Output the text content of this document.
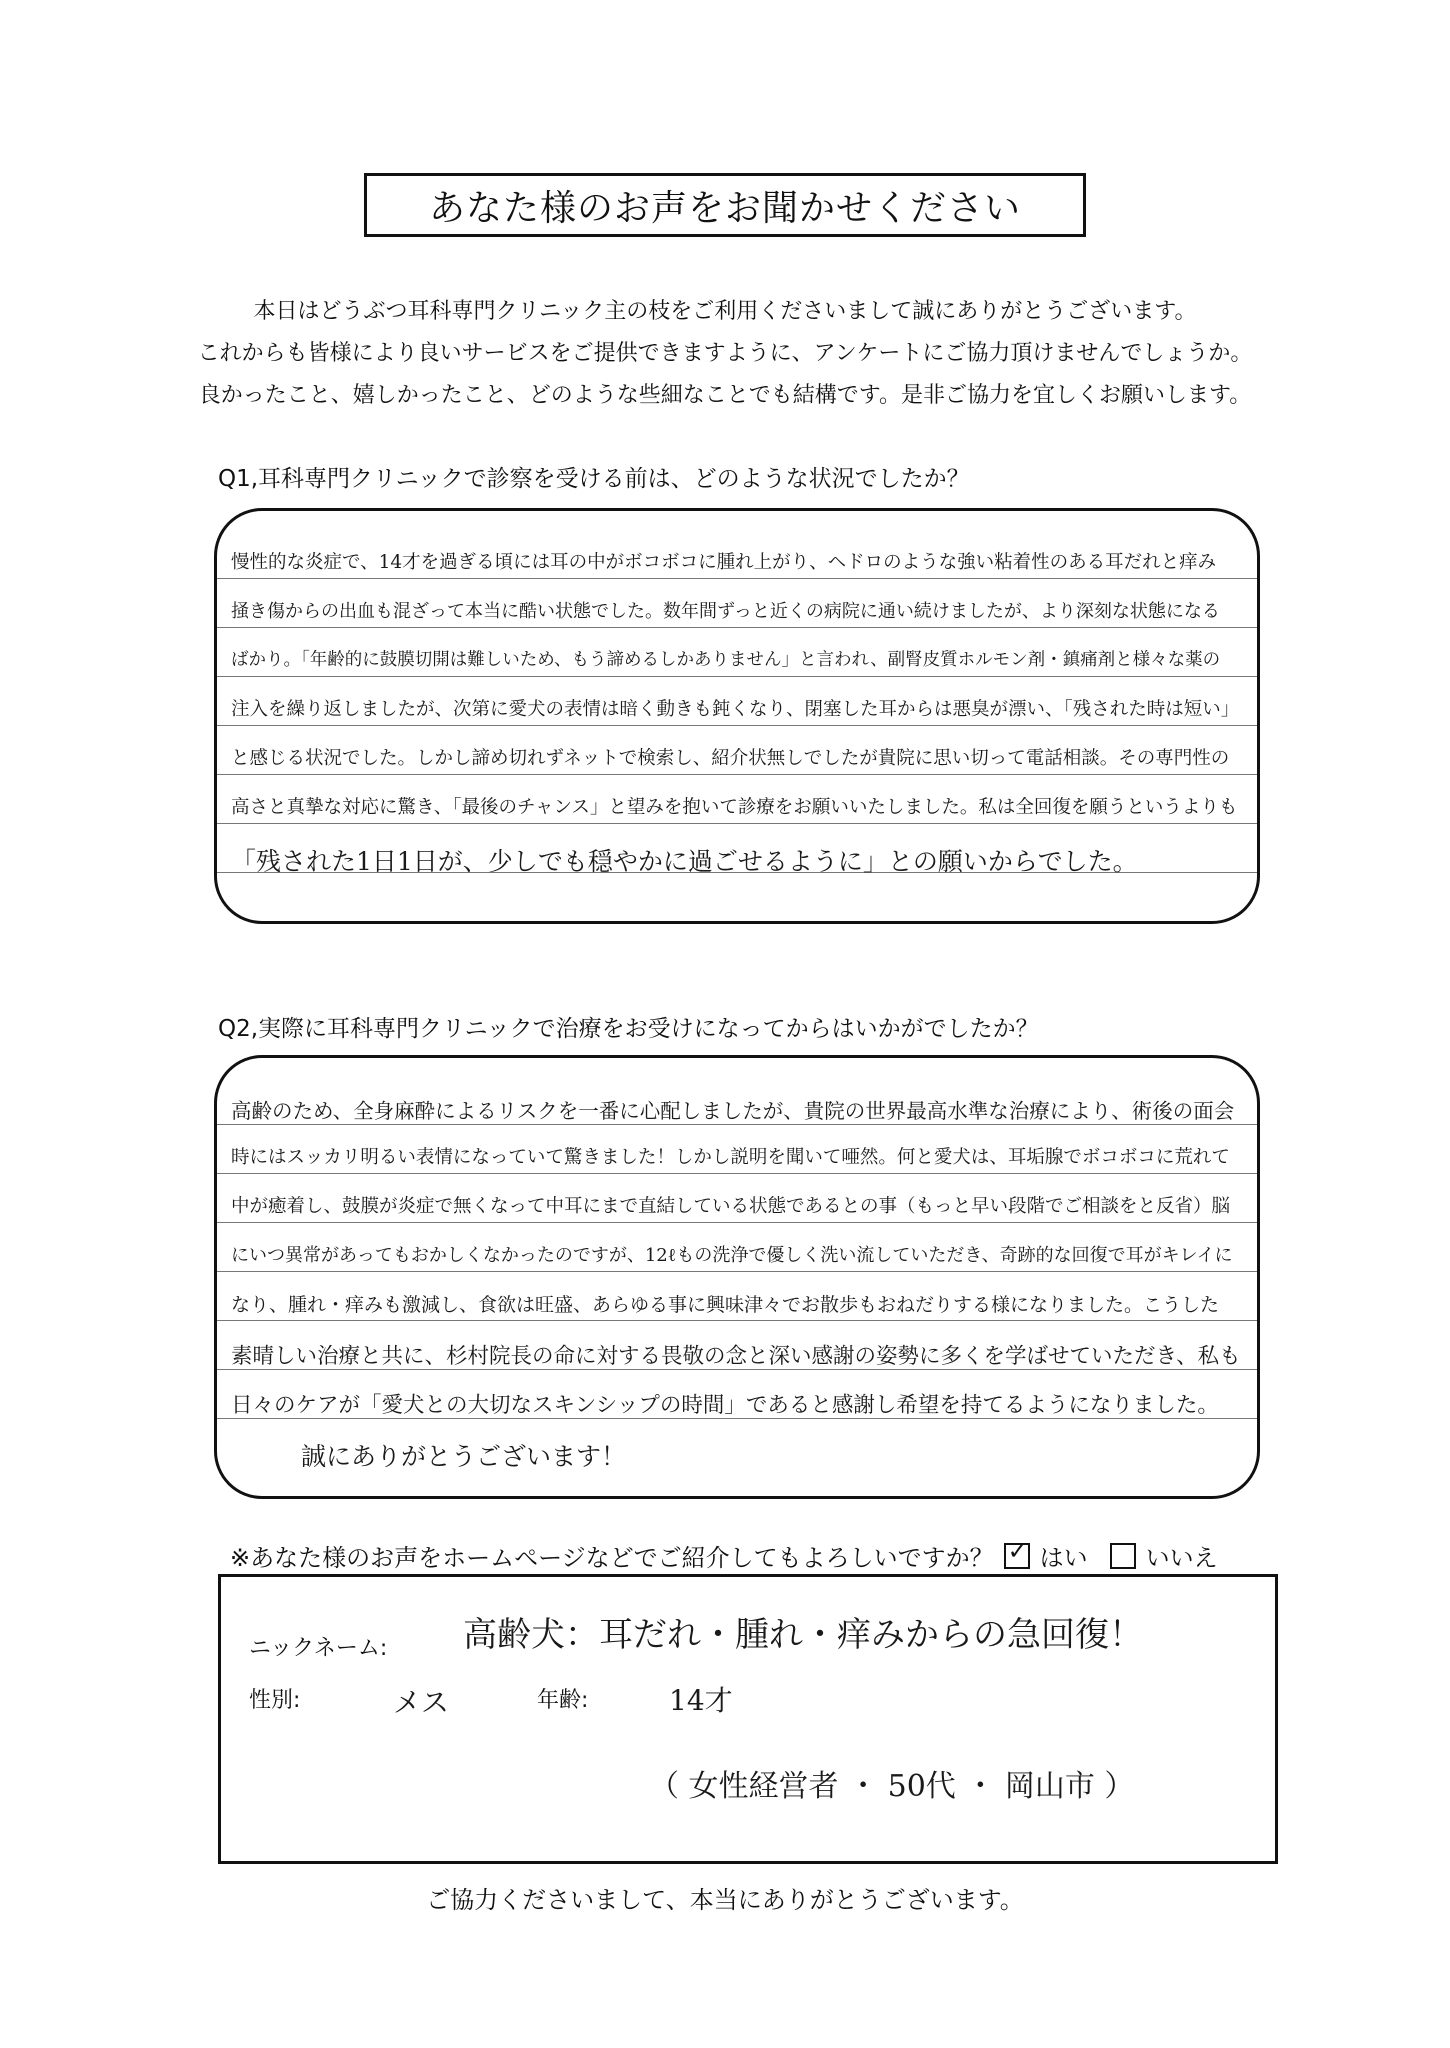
あなた様のお声をお聞かせください
本日はどうぶつ耳科専門クリニック主の枝をご利用くださいまして誠にありがとうございます。
これからも皆様により良いサービスをご提供できますように、アンケートにご協力頂けませんでしょうか。
良かったこと、嬉しかったこと、どのような些細なことでも結構です。是非ご協力を宜しくお願いします。
Q1,耳科専門クリニックで診察を受ける前は、どのような状況でしたか？
慢性的な炎症で、14才を過ぎる頃には耳の中がボコボコに腫れ上がり、ヘドロのような強い粘着性のある耳だれと痒み
掻き傷からの出血も混ざって本当に酷い状態でした。数年間ずっと近くの病院に通い続けましたが、より深刻な状態になる
ばかり。「年齢的に鼓膜切開は難しいため、もう諦めるしかありません」と言われ、副腎皮質ホルモン剤・鎮痛剤と様々な薬の
注入を繰り返しましたが、次第に愛犬の表情は暗く動きも鈍くなり、閉塞した耳からは悪臭が漂い、「残された時は短い」
と感じる状況でした。しかし諦め切れずネットで検索し、紹介状無しでしたが貴院に思い切って電話相談。その専門性の
高さと真摯な対応に驚き、「最後のチャンス」と望みを抱いて診療をお願いいたしました。私は全回復を願うというよりも
「残された1日1日が、少しでも穏やかに過ごせるように」との願いからでした。
Q2,実際に耳科専門クリニックで治療をお受けになってからはいかがでしたか？
高齢のため、全身麻酔によるリスクを一番に心配しましたが、貴院の世界最高水準な治療により、術後の面会
時にはスッカリ明るい表情になっていて驚きました！しかし説明を聞いて唖然。何と愛犬は、耳垢腺でボコボコに荒れて
中が癒着し、鼓膜が炎症で無くなって中耳にまで直結している状態であるとの事（もっと早い段階でご相談をと反省）脳
にいつ異常があってもおかしくなかったのですが、12ℓもの洗浄で優しく洗い流していただき、奇跡的な回復で耳がキレイに
なり、腫れ・痒みも激減し、食欲は旺盛、あらゆる事に興味津々でお散歩もおねだりする様になりました。こうした
素晴しい治療と共に、杉村院長の命に対する畏敬の念と深い感謝の姿勢に多くを学ばせていただき、私も
日々のケアが「愛犬との大切なスキンシップの時間」であると感謝し希望を持てるようになりました。
誠にありがとうございます！
※あなた様のお声をホームページなどでご紹介してもよろしいですか？ ✓ はい いいえ
ニックネーム: 高齢犬：耳だれ・腫れ・痒みからの急回復！
性別:	メス	年齢:	14才
（ 女性経営者 ・ 50代 ・ 岡山市 ）
ご協力くださいまして、本当にありがとうございます。
